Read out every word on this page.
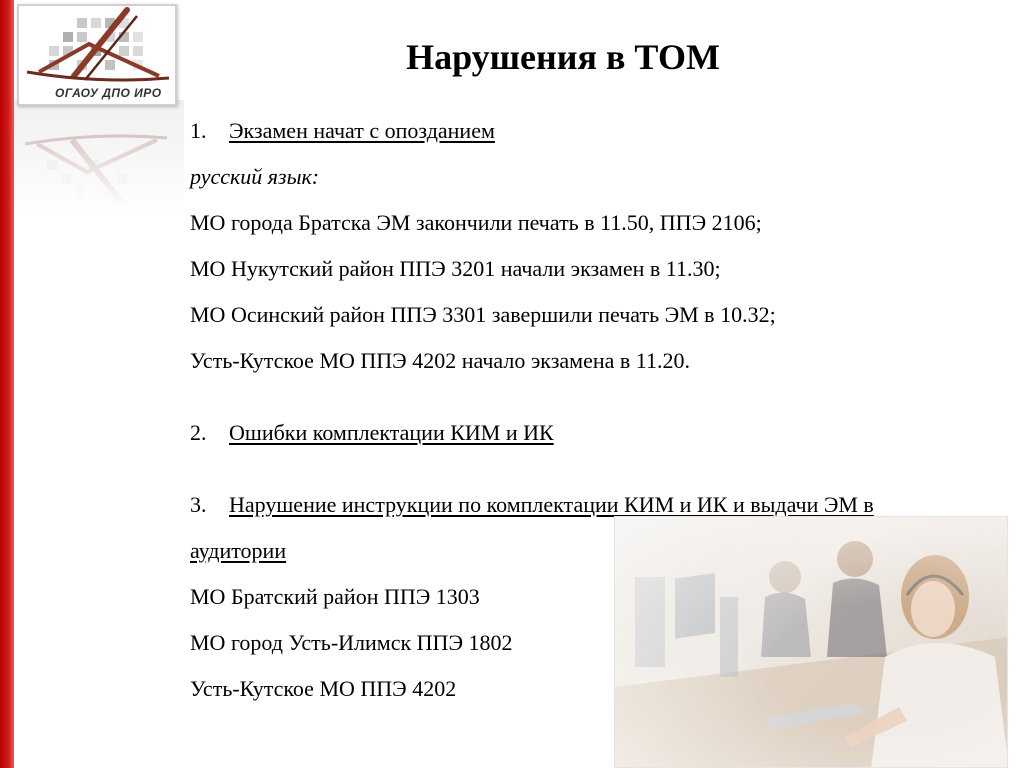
ОГАОУ ДПО ИРО
Нарушения в ТОМ
1. Экзамен начат с опозданием
русский язык:
МО города Братска ЭМ закончили печать в 11.50, ППЭ 2106;
МО Нукутский район ППЭ 3201 начали экзамен в 11.30;
МО Осинский район ППЭ 3301 завершили печать ЭМ в 10.32;
Усть-Кутское МО ППЭ 4202 начало экзамена в 11.20.
2. Ошибки комплектации КИМ и ИК
3. Нарушение инструкции по комплектации КИМ и ИК и выдачи ЭМ в
аудитории
МО Братский район ППЭ 1303
МО город Усть-Илимск ППЭ 1802
Усть-Кутское МО ППЭ 4202
